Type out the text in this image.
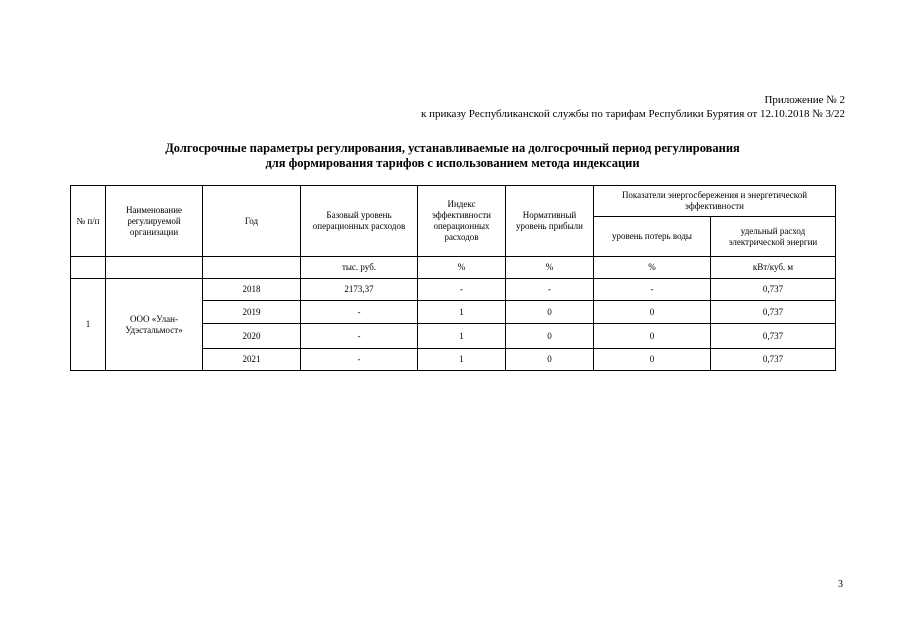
Приложение № 2
к приказу Республиканской службы по тарифам Республики Бурятия от 12.10.2018 № 3/22
Долгосрочные параметры регулирования, устанавливаемые на долгосрочный период регулирования
для формирования тарифов с использованием метода индексации
№ п/п	Наименование регулируемой организации	Год	Базовый уровень операционных расходов	Индекс эффективности операционных расходов	Нормативный уровень прибыли	Показатели энергосбережения и энергетической эффективности	
						уровень потерь воды	удельный расход электрической энергии
			тыс. руб.	%	%	%	кВт/куб. м
1	ООО «Улан-Удэстальмост»	2018	2173,37	-	-	-	0,737
		2019	-	1	0	0	0,737
		2020	-	1	0	0	0,737
		2021	-	1	0	0	0,737
3
